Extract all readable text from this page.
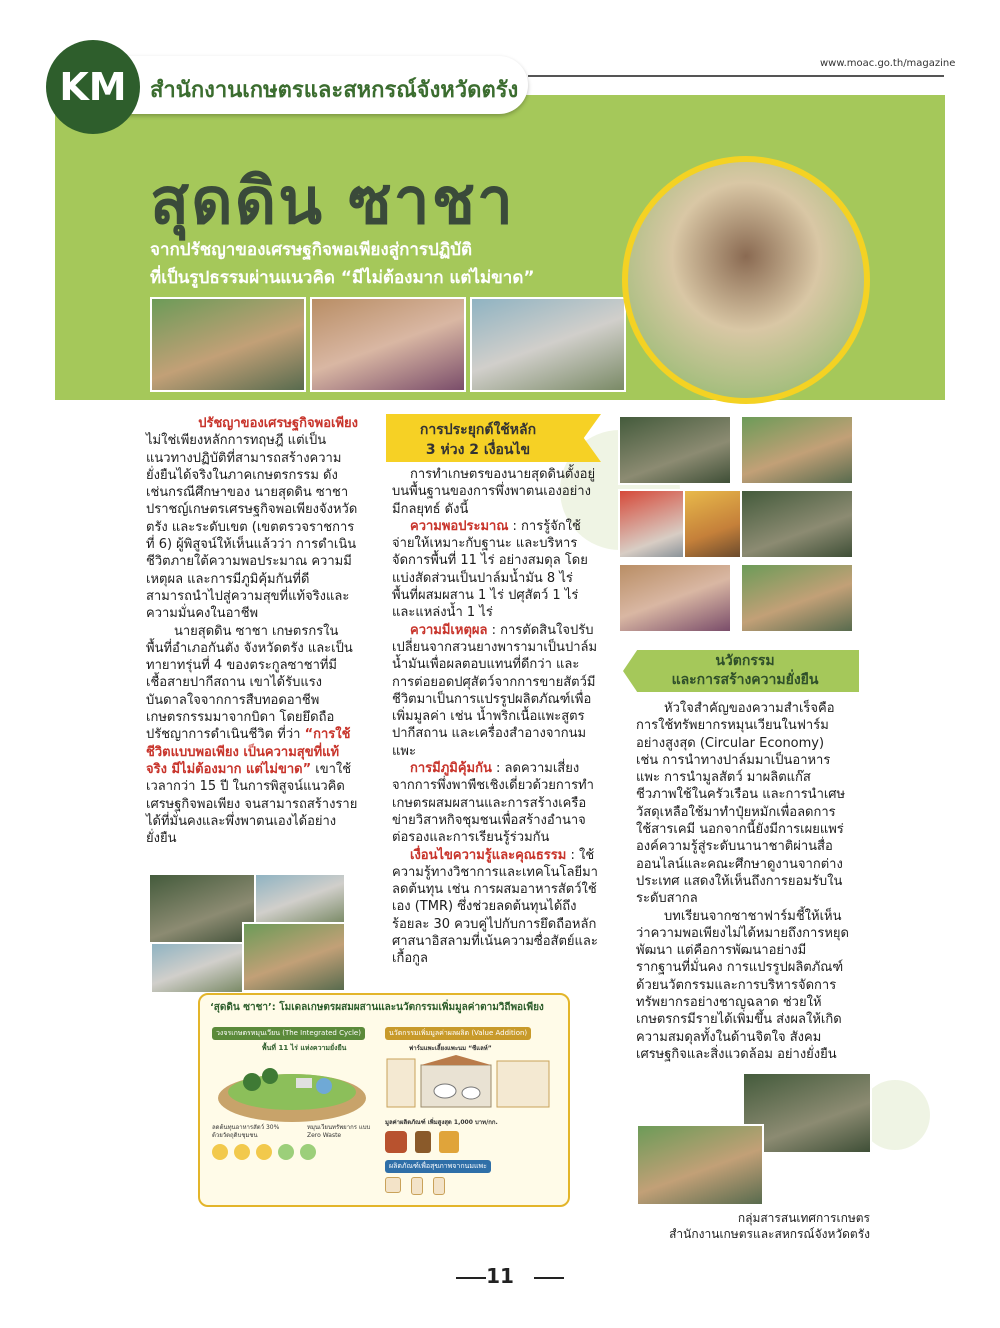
KM	สำนักงานเกษตรและสหกรณ์จังหวัดตรัง
www.moac.go.th/magazine
สุดดิน ซาชา
จากปรัชญาของเศรษฐกิจพอเพียงสู่การปฏิบัติ
ที่เป็นรูปธรรมผ่านแนวคิด “มีไม่ต้องมาก แต่ไม่ขาด”
ปรัชญาของเศรษฐกิจพอเพียง
ไม่ใช่เพียงหลักการทฤษฎี แต่เป็นแนวทางปฏิบัติที่สามารถสร้างความยั่งยืนได้จริงในภาคเกษตรกรรม ดังเช่นกรณีศึกษาของ นายสุดดิน ซาชา ปราชญ์เกษตรเศรษฐกิจพอเพียงจังหวัดตรัง และระดับเขต (เขตตรวจราชการที่ 6) ผู้พิสูจน์ให้เห็นแล้วว่า การดำเนินชีวิตภายใต้ความพอประมาณ ความมีเหตุผล และการมีภูมิคุ้มกันที่ดี สามารถนำไปสู่ความสุขที่แท้จริงและความมั่นคงในอาชีพ
นายสุดดิน ซาชา เกษตรกรในพื้นที่อำเภอกันตัง จังหวัดตรัง และเป็นทายาทรุ่นที่ 4 ของตระกูลซาชาที่มีเชื้อสายปากีสถาน เขาได้รับแรงบันดาลใจจากการสืบทอดอาชีพเกษตรกรรมมาจากบิดา โดยยึดถือปรัชญาการดำเนินชีวิต ที่ว่า “การใช้ชีวิตแบบพอเพียง เป็นความสุขที่แท้จริง มีไม่ต้องมาก แต่ไม่ขาด” เขาใช้เวลากว่า 15 ปี ในการพิสูจน์แนวคิดเศรษฐกิจพอเพียง จนสามารถสร้างรายได้ที่มั่นคงและพึ่งพาตนเองได้อย่างยั่งยืน
การประยุกต์ใช้หลัก
3 ห่วง 2 เงื่อนไข
การทำเกษตรของนายสุดดินตั้งอยู่บนพื้นฐานของการพึ่งพาตนเองอย่างมีกลยุทธ์ ดังนี้
ความพอประมาณ : การรู้จักใช้จ่ายให้เหมาะกับฐานะ และบริหารจัดการพื้นที่ 11 ไร่ อย่างสมดุล โดยแบ่งสัดส่วนเป็นปาล์มน้ำมัน 8 ไร่ พื้นที่ผสมผสาน 1 ไร่ ปศุสัตว์ 1 ไร่ และแหล่งน้ำ 1 ไร่
ความมีเหตุผล : การตัดสินใจปรับเปลี่ยนจากสวนยางพารามาเป็นปาล์มน้ำมันเพื่อผลตอบแทนที่ดีกว่า และการต่อยอดปศุสัตว์จากการขายสัตว์มีชีวิตมาเป็นการแปรรูปผลิตภัณฑ์เพื่อเพิ่มมูลค่า เช่น น้ำพริกเนื้อแพะสูตรปากีสถาน และเครื่องสำอางจากนมแพะ
การมีภูมิคุ้มกัน : ลดความเสี่ยงจากการพึ่งพาพืชเชิงเดี่ยวด้วยการทำเกษตรผสมผสานและการสร้างเครือข่ายวิสาหกิจชุมชนเพื่อสร้างอำนาจต่อรองและการเรียนรู้ร่วมกัน
เงื่อนไขความรู้และคุณธรรม : ใช้ความรู้ทางวิชาการและเทคโนโลยีมาลดต้นทุน เช่น การผสมอาหารสัตว์ใช้เอง (TMR) ซึ่งช่วยลดต้นทุนได้ถึงร้อยละ 30 ควบคู่ไปกับการยึดถือหลักศาสนาอิสลามที่เน้นความซื่อสัตย์และเกื้อกูล
นวัตกรรม
และการสร้างความยั่งยืน
หัวใจสำคัญของความสำเร็จคือการใช้ทรัพยากรหมุนเวียนในฟาร์มอย่างสูงสุด (Circular Economy) เช่น การนำทางปาล์มมาเป็นอาหารแพะ การนำมูลสัตว์ มาผลิตแก๊สชีวภาพใช้ในครัวเรือน และการนำเศษวัสดุเหลือใช้มาทำปุ๋ยหมักเพื่อลดการใช้สารเคมี นอกจากนี้ยังมีการเผยแพร่องค์ความรู้สู่ระดับนานาชาติผ่านสื่อออนไลน์และคณะศึกษาดูงานจากต่างประเทศ แสดงให้เห็นถึงการยอมรับในระดับสากล
บทเรียนจากซาชาฟาร์มชี้ให้เห็นว่าความพอเพียงไม่ได้หมายถึงการหยุดพัฒนา แต่คือการพัฒนาอย่างมีรากฐานที่มั่นคง การแปรรูปผลิตภัณฑ์ด้วยนวัตกรรมและการบริหารจัดการทรัพยากรอย่างชาญฉลาด ช่วยให้เกษตรกรมีรายได้เพิ่มขึ้น ส่งผลให้เกิดความสมดุลทั้งในด้านจิตใจ สังคม เศรษฐกิจและสิ่งแวดล้อม อย่างยั่งยืน
‘สุดดิน ซาชา’: โมเดลเกษตรผสมผสานและนวัตกรรมเพิ่มมูลค่าตามวิถีพอเพียง
วงจรเกษตรหมุนเวียน (The Integrated Cycle)
พื้นที่ 11 ไร่ แห่งความยั่งยืน
ลดต้นทุนอาหารสัตว์ 30% ด้วยวัตถุดิบชุมชน
หมุนเวียนทรัพยากร แบบ Zero Waste
นวัตกรรมเพิ่มมูลค่าผลผลิต (Value Addition)
ฟาร์มแพะเลี้ยงแพะนม “ซีแลห์”
มูลค่าผลิตภัณฑ์ เพิ่มสูงสุด 1,000 บาท/กก.
ผลิตภัณฑ์เพื่อสุขภาพจากนมแพะ
กลุ่มสารสนเทศการเกษตร
สำนักงานเกษตรและสหกรณ์จังหวัดตรัง
11
